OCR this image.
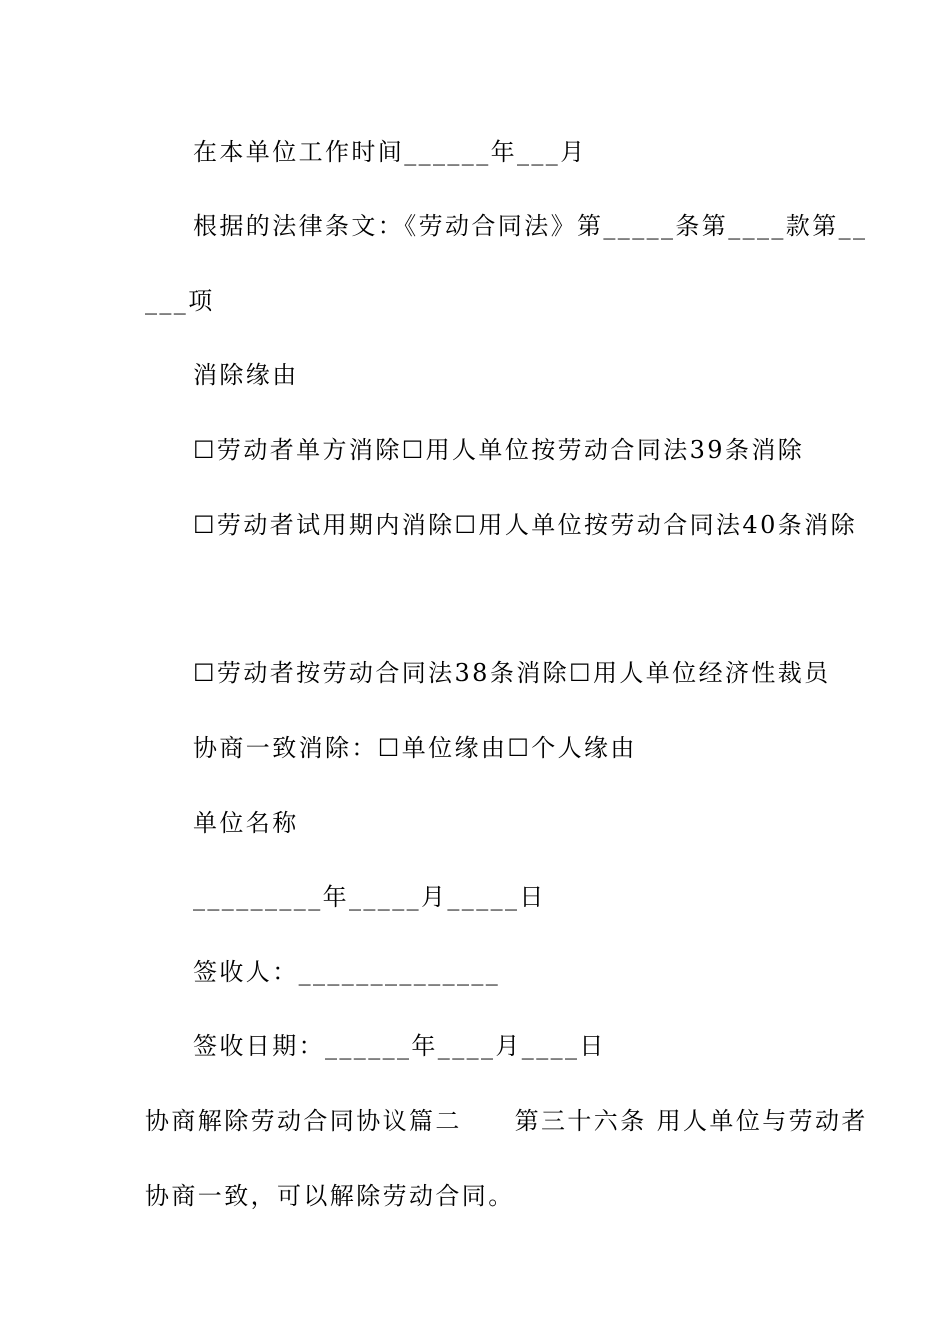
在本单位工作时间______年___月
根据的法律条文：《劳动合同法》第_____条第____款第__
___项
消除缘由
☐劳动者单方消除☐用人单位按劳动合同法39条消除
☐劳动者试用期内消除☐用人单位按劳动合同法40条消除
☐劳动者按劳动合同法38条消除☐用人单位经济性裁员
协商一致消除：☐单位缘由☐个人缘由
单位名称
_________年_____月_____日
签收人：______________
签收日期：______年____月____日
协商解除劳动合同协议篇二　　第三十六条 用人单位与劳动者
协商一致，可以解除劳动合同。
